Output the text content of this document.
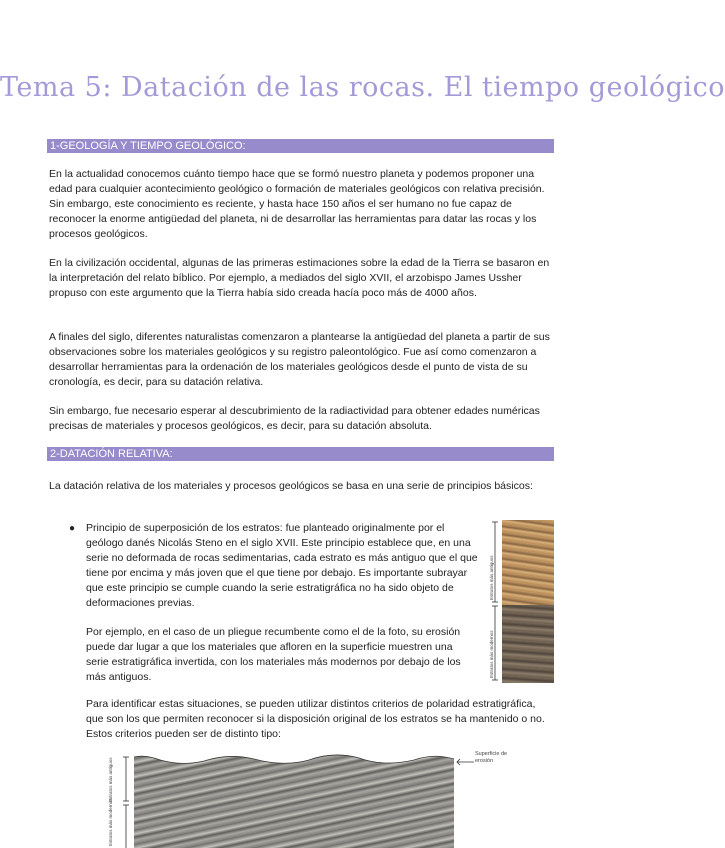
Tema 5: Datación de las rocas. El tiempo geológico
1-GEOLOGÍA Y TIEMPO GEOLÓGICO:

En la actualidad conocemos cuánto tiempo hace que se formó nuestro planeta y podemos proponer una edad para cualquier acontecimiento geológico o formación de materiales geológicos con relativa precisión. Sin embargo, este conocimiento es reciente, y hasta hace 150 años el ser humano no fue capaz de reconocer la enorme antigüedad del planeta, ni de desarrollar las herramientas para datar las rocas y los procesos geológicos.

En la civilización occidental, algunas de las primeras estimaciones sobre la edad de la Tierra se basaron en la interpretación del relato bíblico. Por ejemplo, a mediados del siglo XVII, el arzobispo James Ussher propuso con este argumento que la Tierra había sido creada hacía poco más de 4000 años.

A finales del siglo, diferentes naturalistas comenzaron a plantearse la antigüedad del planeta a partir de sus observaciones sobre los materiales geológicos y su registro paleontológico. Fue así como comenzaron a desarrollar herramientas para la ordenación de los materiales geológicos desde el punto de vista de su cronología, es decir, para su datación relativa.

Sin embargo, fue necesario esperar al descubrimiento de la radiactividad para obtener edades numéricas precisas de materiales y procesos geológicos, es decir, para su datación absoluta.

2-DATACIÓN RELATIVA:

La datación relativa de los materiales y procesos geológicos se basa en una serie de principios básicos:

● Principio de superposición de los estratos: fue planteado originalmente por el geólogo danés Nicolás Steno en el siglo XVII. Este principio establece que, en una serie no deformada de rocas sedimentarias, cada estrato es más antiguo que el que tiene por encima y más joven que el que tiene por debajo. Es importante subrayar que este principio se cumple cuando la serie estratigráfica no ha sido objeto de deformaciones previas.

Por ejemplo, en el caso de un pliegue recumbente como el de la foto, su erosión puede dar lugar a que los materiales que afloren en la superficie muestren una serie estratigráfica invertida, con los materiales más modernos por debajo de los más antiguos.

Para identificar estas situaciones, se pueden utilizar distintos criterios de polaridad estratigráfica, que son los que permiten reconocer si la disposición original de los estratos se ha mantenido o no. Estos criterios pueden ser de distinto tipo:

Estratos más antiguos
Estratos más modernos
Estratos más antiguos
Estratos más modernos
Superficie de erosión
